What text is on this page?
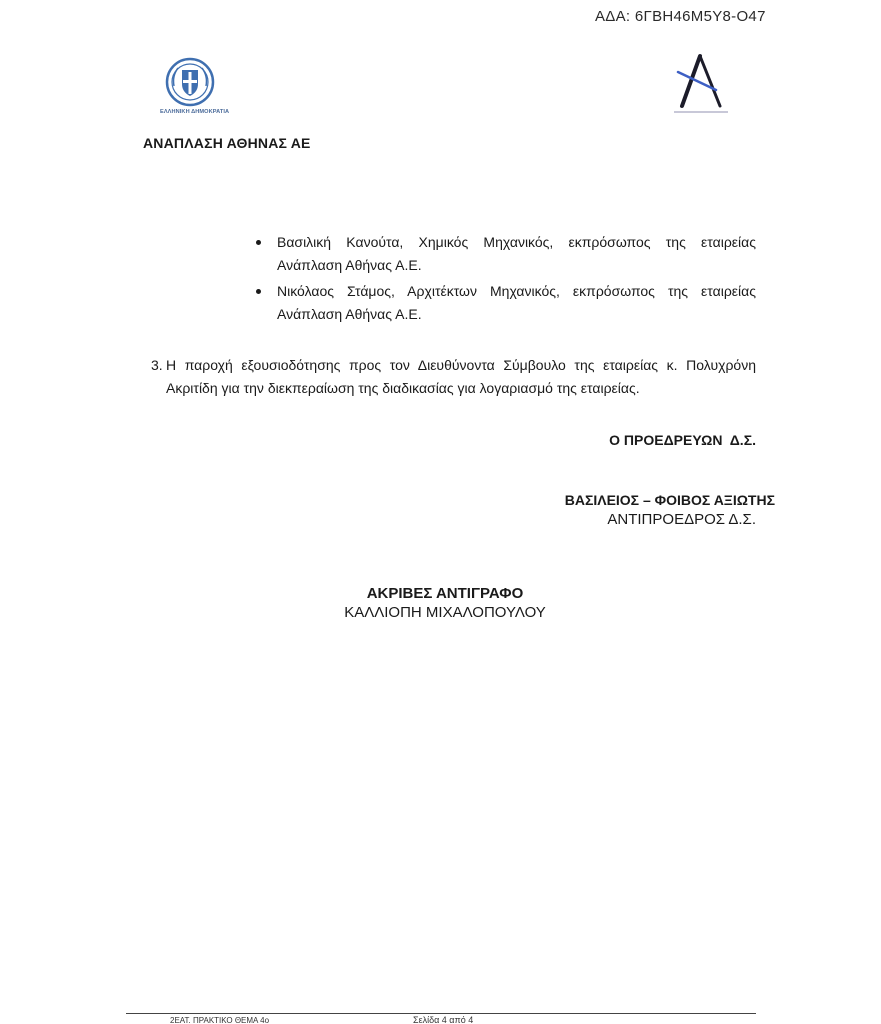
ΑΔΑ: 6ΓΒΗ46Μ5Υ8-Ο47
ΕΛΛΗΝΙΚΗ ΔΗΜΟΚΡΑΤΙΑ
ΑΝΑΠΛΑΣΗ ΑΘΗΝΑΣ ΑΕ
Βασιλική Κανούτα, Χημικός Μηχανικός, εκπρόσωπος της εταιρείας Ανάπλαση Αθήνας Α.Ε.
Νικόλαος Στάμος, Αρχιτέκτων Μηχανικός, εκπρόσωπος της εταιρείας Ανάπλαση Αθήνας Α.Ε.
3. Η παροχή εξουσιοδότησης προς τον Διευθύνοντα Σύμβουλο της εταιρείας κ. Πολυχρόνη Ακριτίδη για την διεκπεραίωση της διαδικασίας για λογαριασμό της εταιρείας.
Ο ΠΡΟΕΔΡΕΥΩΝ  Δ.Σ.
ΒΑΣΙΛΕΙΟΣ – ΦΟΙΒΟΣ ΑΞΙΩΤΗΣ
ΑΝΤΙΠΡΟΕΔΡΟΣ Δ.Σ.
ΑΚΡΙΒΕΣ ΑΝΤΙΓΡΑΦΟ
ΚΑΛΛΙΟΠΗ ΜΙΧΑΛΟΠΟΥΛΟΥ
2ΕΑΤ. ΠΡΑΚΤΙΚΟ ΘΕΜΑ 4ο	Σελίδα 4 από 4
